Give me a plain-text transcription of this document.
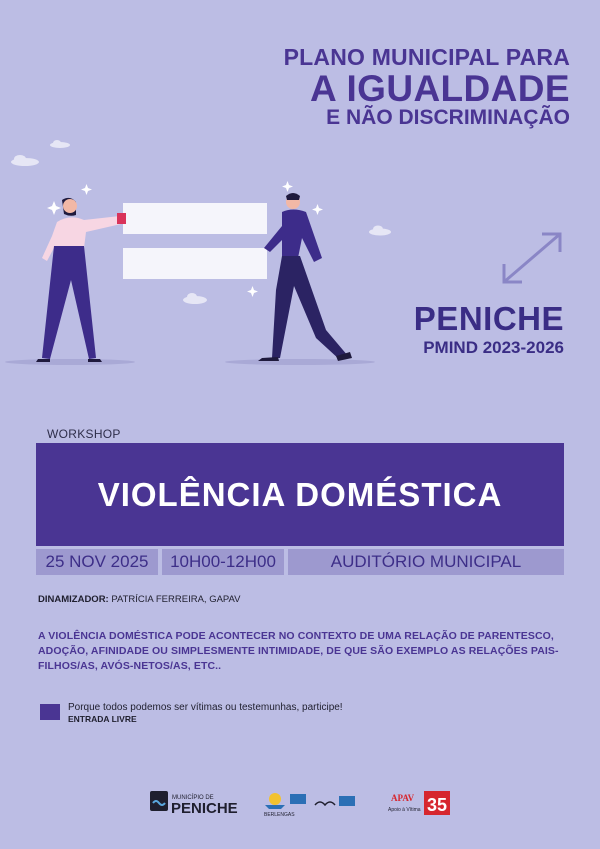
PLANO MUNICIPAL PARA
A IGUALDADE
E NÃO DISCRIMINAÇÃO
PENICHE
PMIND 2023-2026
WORKSHOP
VIOLÊNCIA DOMÉSTICA
25 NOV 2025 10H00-12H00	AUDITÓRIO MUNICIPAL
DINAMIZADOR: PATRÍCIA FERREIRA, GAPAV
A VIOLÊNCIA DOMÉSTICA PODE ACONTECER NO CONTEXTO DE UMA RELAÇÃO DE PARENTESCO, ADOÇÃO, AFINIDADE OU SIMPLESMENTE INTIMIDADE, DE QUE SÃO EXEMPLO AS RELAÇÕES PAIS-FILHOS/AS, AVÓS-NETOS/AS, ETC..
Porque todos podemos ser vítimas ou testemunhas, participe!
ENTRADA LIVRE
MUNICÍPIO DE
PENICHE	BERLENGAS
APAV
Apoio à Vítima 35
